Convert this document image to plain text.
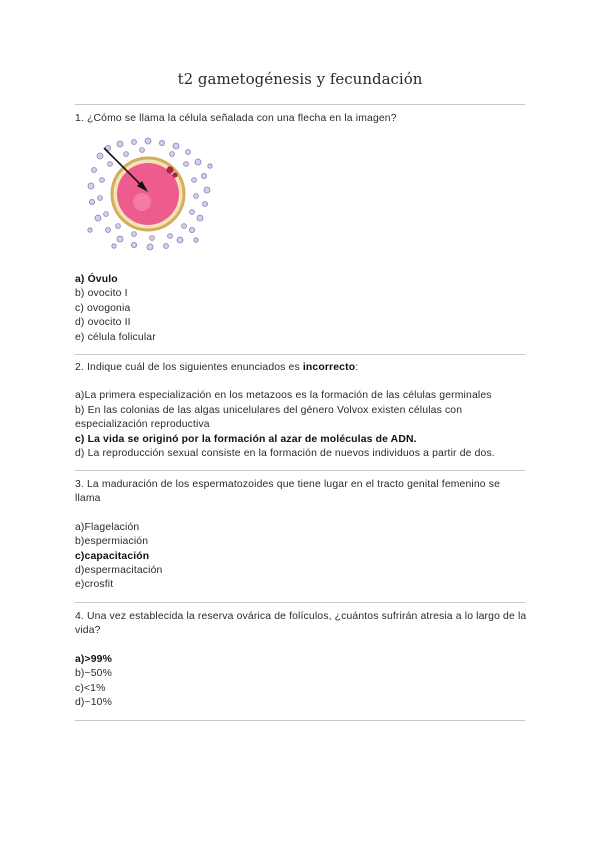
t2 gametogénesis y fecundación
1. ¿Cómo se llama la célula señalada con una flecha en la imagen?
a) Óvulo
b) ovocito I
c) ovogonia
d) ovocito II
e) célula folicular
2. Indique cuál de los siguientes enunciados es incorrecto:
a)La primera especialización en los metazoos es la formación de las células germinales
b) En las colonias de las algas unicelulares del género Volvox existen células con especialización reproductiva
c) La vida se originó por la formación al azar de moléculas de ADN.
d) La reproducción sexual consiste en la formación de nuevos individuos a partir de dos.
3. La maduración de los espermatozoides que tiene lugar en el tracto genital femenino se llama
a)Flagelación
b)espermiación
c)capacitación
d)espermacitación
e)crosfit
4. Una vez establecida la reserva ovárica de folículos, ¿cuántos sufrirán atresia a lo largo de la vida?
a)>99%
b)~50%
c)<1%
d)~10%
